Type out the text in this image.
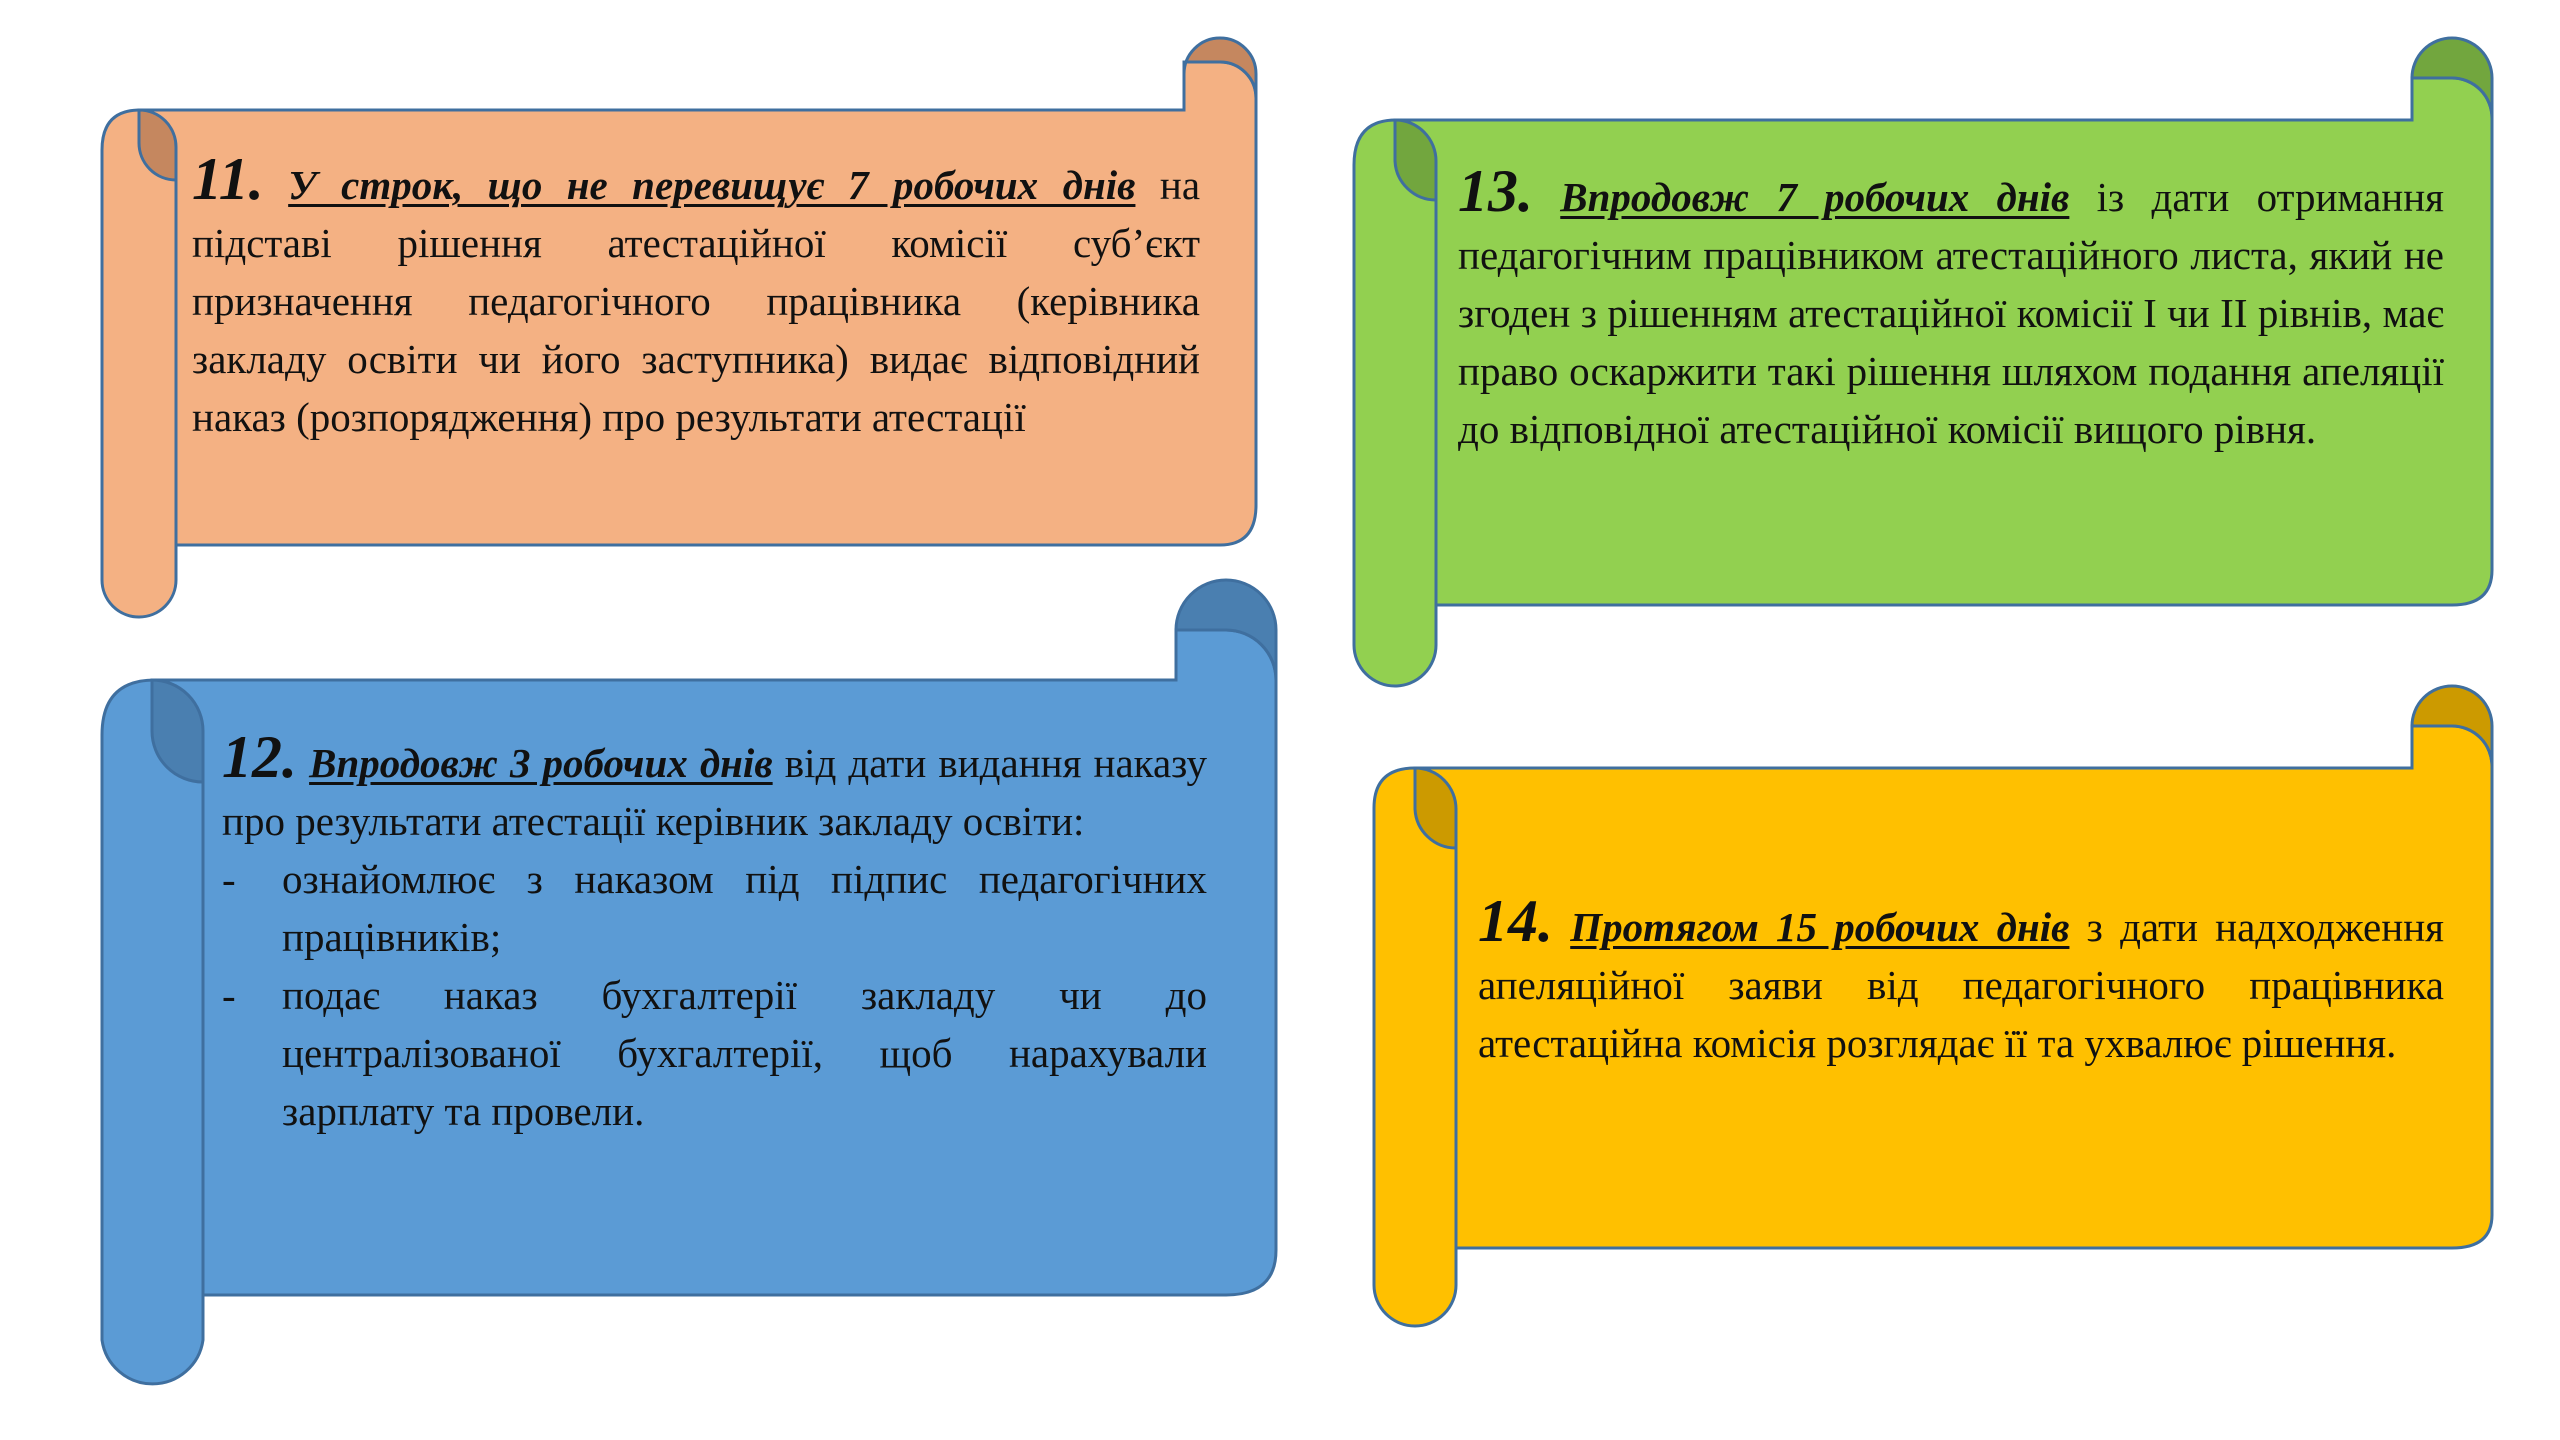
11. У строк, що не перевищує 7 робочих днів на підставі рішення атестаційної комісії суб’єкт призначення педагогічного працівника (керівника закладу освіти чи його заступника) видає відповідний наказ (розпорядження) про результати атестації
12. Впродовж 3 робочих днів від дати видання наказу про результати атестації керівник закладу освіти:
- ознайомлює з наказом під підпис педагогічних працівників;
- подає наказ бухгалтерії закладу чи до централізованої бухгалтерії, щоб нарахували зарплату та провели.
13. Впродовж 7 робочих днів із дати отримання педагогічним працівником атестаційного листа, який не згоден з рішенням атестаційної комісії І чи ІІ рівнів, має право оскаржити такі рішення шляхом подання апеляції до відповідної атестаційної комісії вищого рівня.
14. Протягом 15 робочих днів з дати надходження апеляційної заяви від педагогічного працівника атестаційна комісія розглядає її та ухвалює рішення.
